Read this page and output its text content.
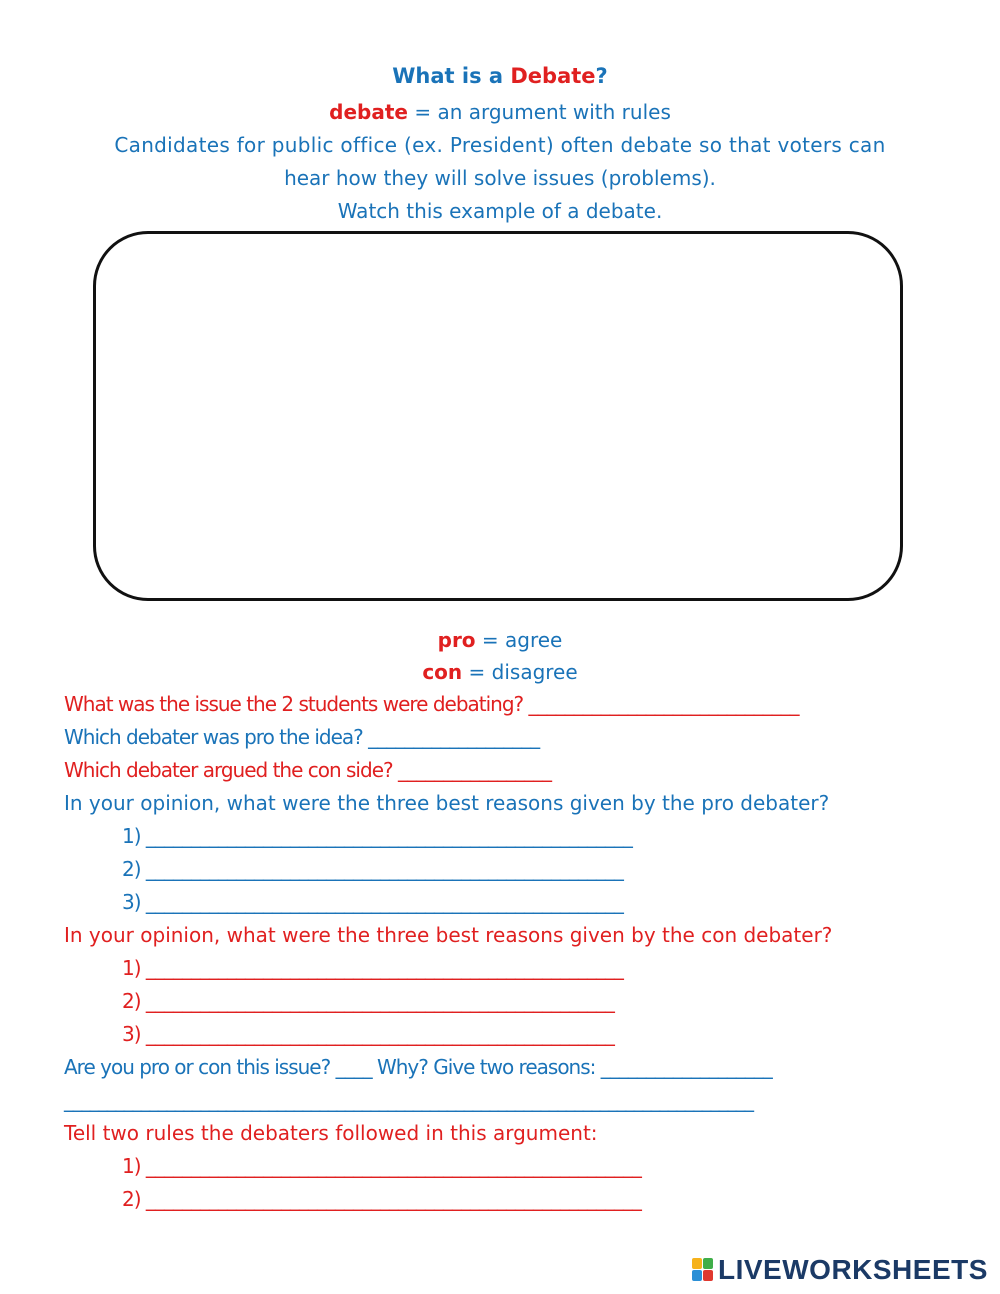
What is a Debate?
debate = an argument with rules
Candidates for public office (ex. President) often debate so that voters can
hear how they will solve issues (problems).
Watch this example of a debate.
pro = agree
con = disagree
What was the issue the 2 students were debating? ______________________________
Which debater was pro the idea? ___________________
Which debater argued the con side? _________________
In your opinion, what were the three best reasons given by the pro debater?
1) ______________________________________________________
2) _____________________________________________________
3) _____________________________________________________
In your opinion, what were the three best reasons given by the con debater?
1) _____________________________________________________
2) ____________________________________________________
3) ____________________________________________________
Are you pro or con this issue? ____ Why? Give two reasons: ___________________
_________________________________________________________________________________
Tell two rules the debaters followed in this argument:
1) _______________________________________________________
2) _______________________________________________________
LIVEWORKSHEETS
